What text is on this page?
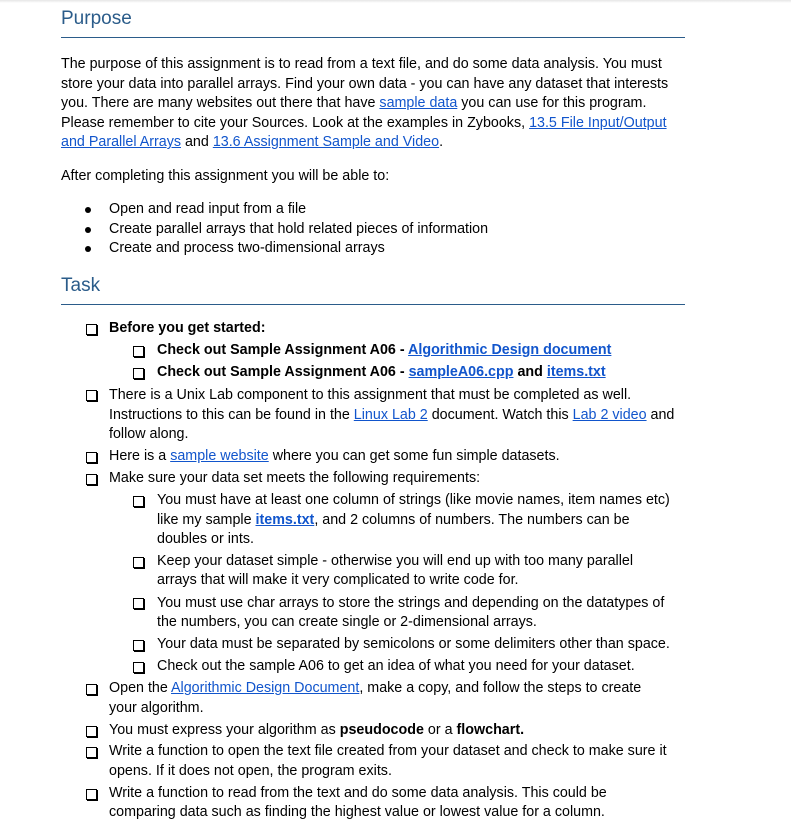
Purpose
The purpose of this assignment is to read from a text file, and do some data analysis. You must
store your data into parallel arrays. Find your own data - you can have any dataset that interests
you. There are many websites out there that have sample data you can use for this program.
Please remember to cite your Sources. Look at the examples in Zybooks, 13.5 File Input/Output
and Parallel Arrays and 13.6 Assignment Sample and Video.
After completing this assignment you will be able to:
Open and read input from a file
Create parallel arrays that hold related pieces of information
Create and process two-dimensional arrays
Task
Before you get started:
Check out Sample Assignment A06 - Algorithmic Design document
Check out Sample Assignment A06 - sampleA06.cpp and items.txt
There is a Unix Lab component to this assignment that must be completed as well.
Instructions to this can be found in the Linux Lab 2 document. Watch this Lab 2 video and
follow along.
Here is a sample website where you can get some fun simple datasets.
Make sure your data set meets the following requirements:
You must have at least one column of strings (like movie names, item names etc)
like my sample items.txt, and 2 columns of numbers. The numbers can be
doubles or ints.
Keep your dataset simple - otherwise you will end up with too many parallel
arrays that will make it very complicated to write code for.
You must use char arrays to store the strings and depending on the datatypes of
the numbers, you can create single or 2-dimensional arrays.
Your data must be separated by semicolons or some delimiters other than space.
Check out the sample A06 to get an idea of what you need for your dataset.
Open the Algorithmic Design Document, make a copy, and follow the steps to create
your algorithm.
You must express your algorithm as pseudocode or a flowchart.
Write a function to open the text file created from your dataset and check to make sure it
opens. If it does not open, the program exits.
Write a function to read from the text and do some data analysis. This could be
comparing data such as finding the highest value or lowest value for a column.
